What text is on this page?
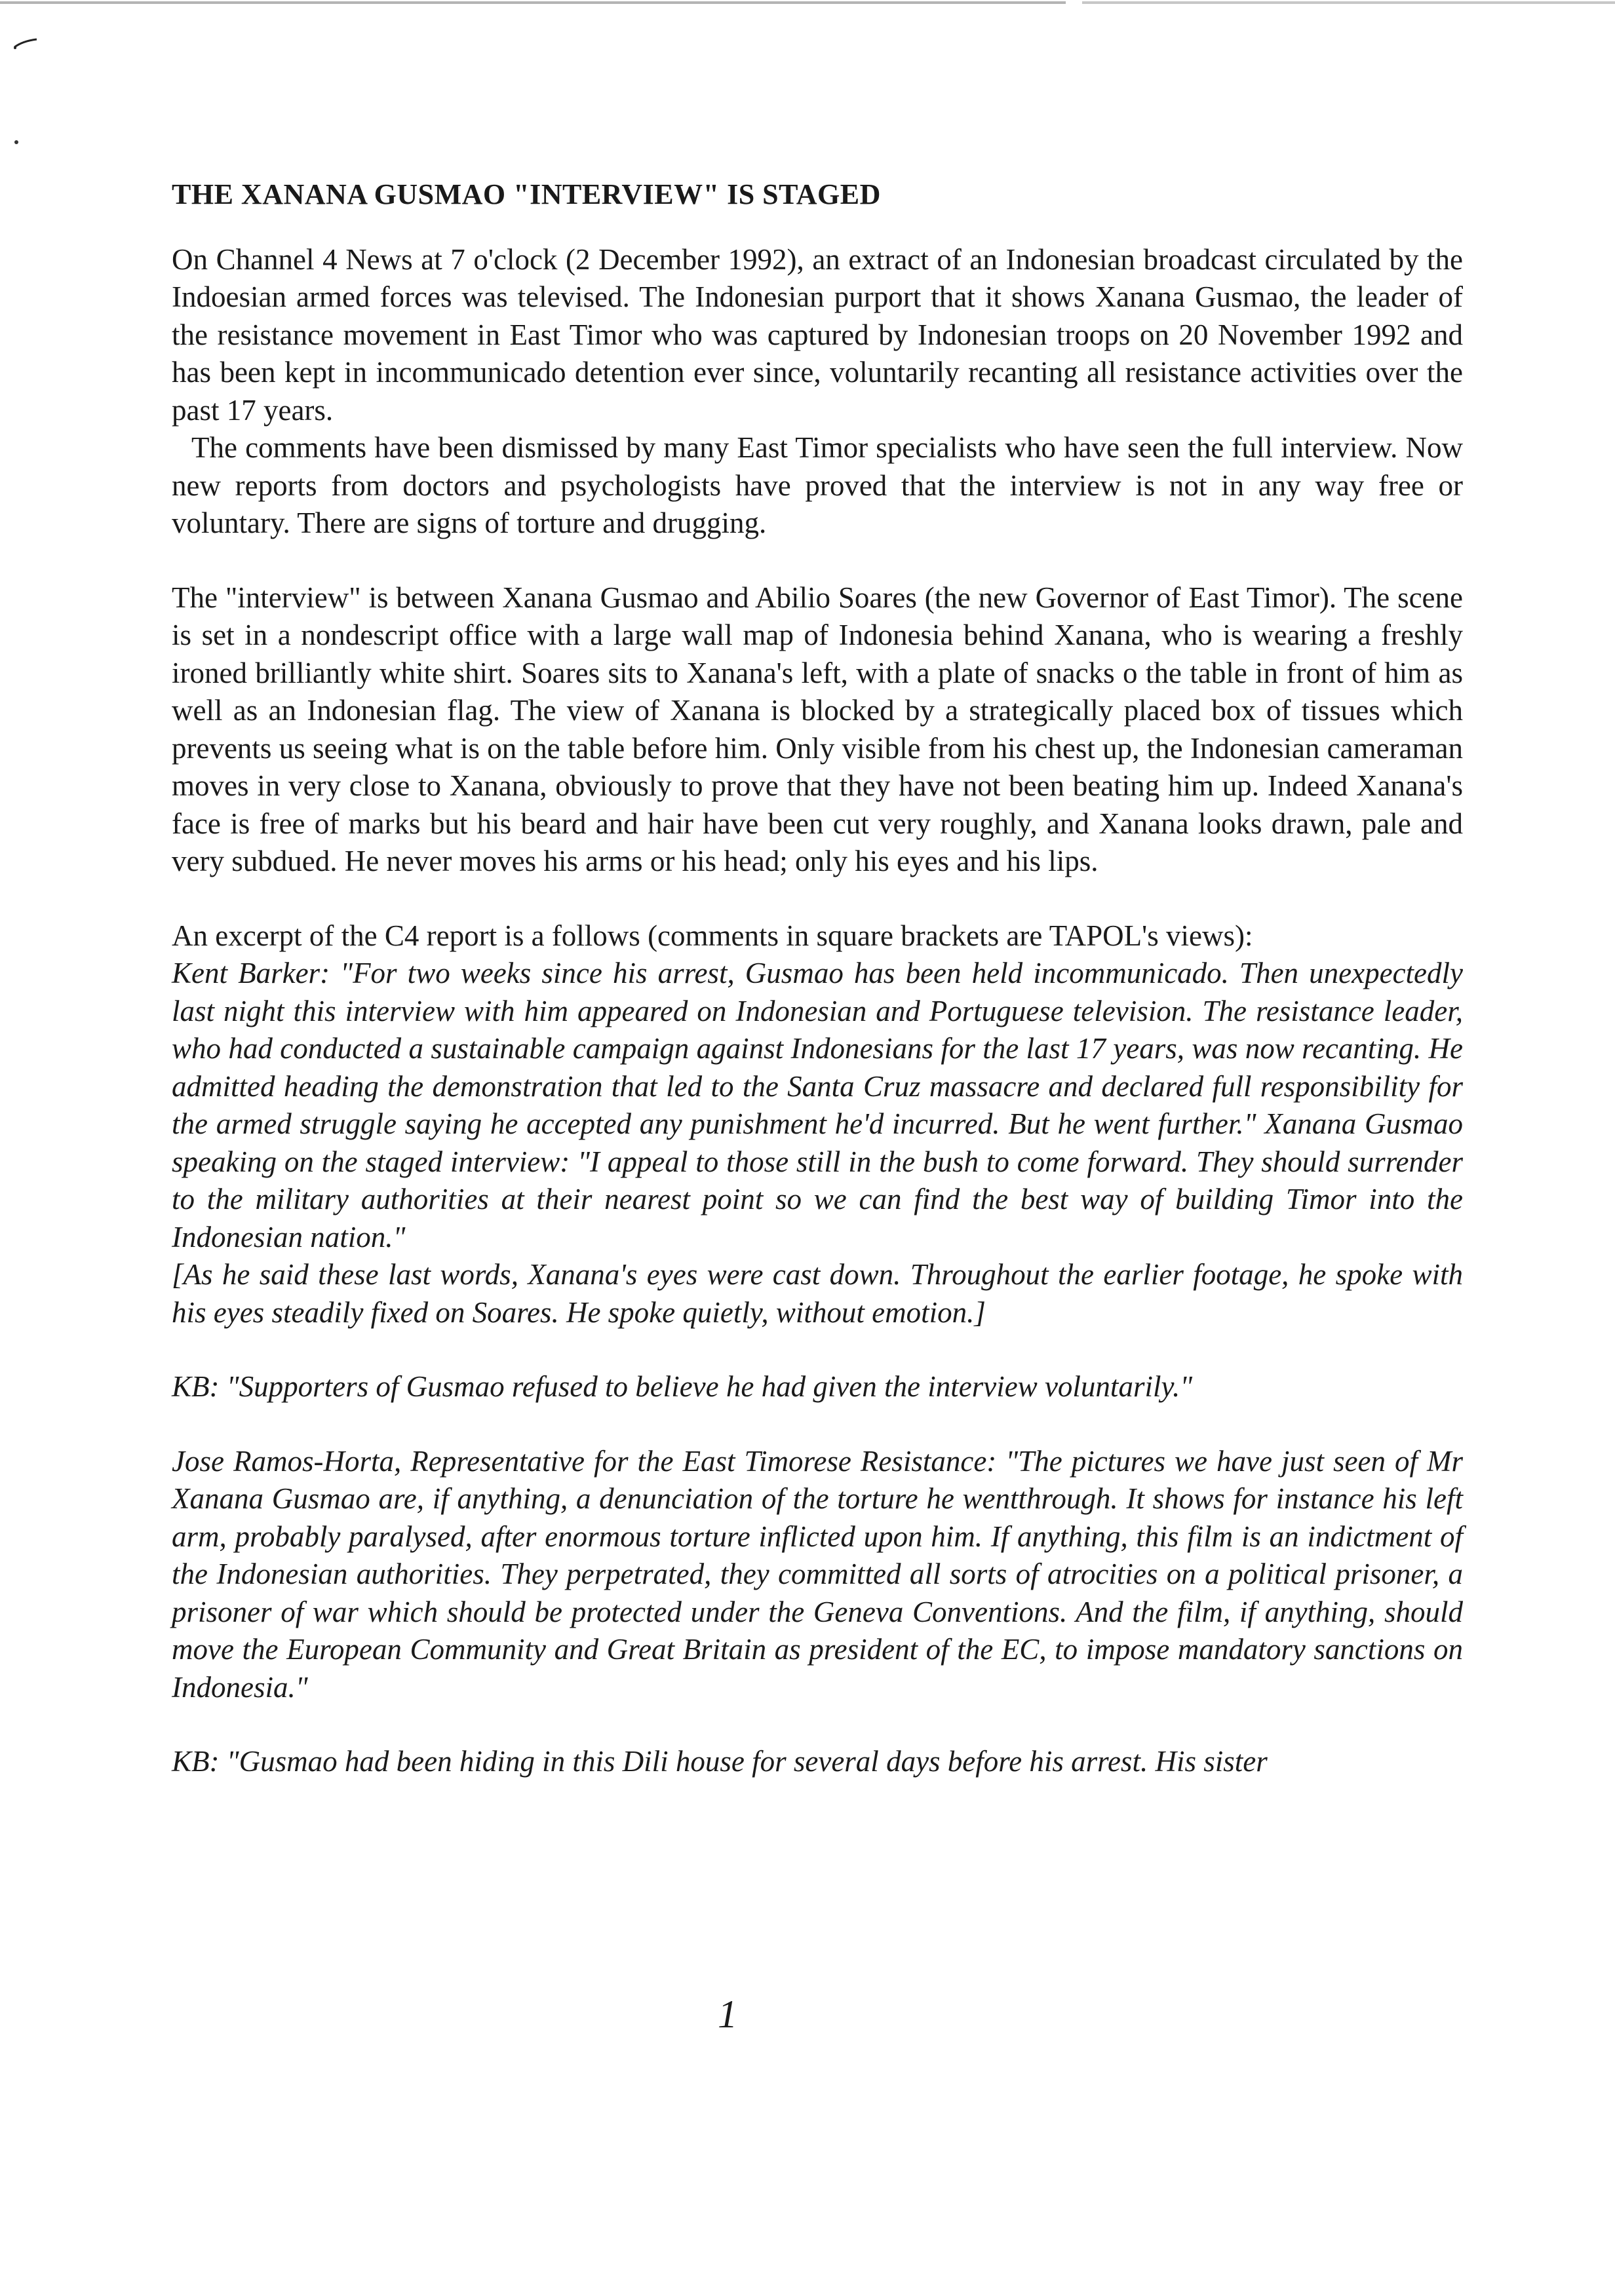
THE XANANA GUSMAO "INTERVIEW" IS STAGED

On Channel 4 News at 7 o'clock (2 December 1992), an extract of an Indonesian broadcast circulated by the Indoesian armed forces was televised. The Indonesian purport that it shows Xanana Gusmao, the leader of the resistance movement in East Timor who was captured by Indonesian troops on 20 November 1992 and has been kept in incommunicado detention ever since, voluntarily recanting all resistance activities over the past 17 years.

The comments have been dismissed by many East Timor specialists who have seen the full interview. Now new reports from doctors and psychologists have proved that the interview is not in any way free or voluntary. There are signs of torture and drugging.

The "interview" is between Xanana Gusmao and Abilio Soares (the new Governor of East Timor). The scene is set in a nondescript office with a large wall map of Indonesia behind Xanana, who is wearing a freshly ironed brilliantly white shirt. Soares sits to Xanana's left, with a plate of snacks o the table in front of him as well as an Indonesian flag. The view of Xanana is blocked by a strategically placed box of tissues which prevents us seeing what is on the table before him. Only visible from his chest up, the Indonesian cameraman moves in very close to Xanana, obviously to prove that they have not been beating him up. Indeed Xanana's face is free of marks but his beard and hair have been cut very roughly, and Xanana looks drawn, pale and very subdued. He never moves his arms or his head; only his eyes and his lips.

An excerpt of the C4 report is a follows (comments in square brackets are TAPOL's views):

Kent Barker: "For two weeks since his arrest, Gusmao has been held incommunicado. Then unexpectedly last night this interview with him appeared on Indonesian and Portuguese television. The resistance leader, who had conducted a sustainable campaign against Indonesians for the last 17 years, was now recanting. He admitted heading the demonstration that led to the Santa Cruz massacre and declared full responsibility for the armed struggle saying he accepted any punishment he'd incurred. But he went further." Xanana Gusmao speaking on the staged interview: "I appeal to those still in the bush to come forward. They should surrender to the military authorities at their nearest point so we can find the best way of building Timor into the Indonesian nation."

[As he said these last words, Xanana's eyes were cast down. Throughout the earlier footage, he spoke with his eyes steadily fixed on Soares. He spoke quietly, without emotion.]

KB: "Supporters of Gusmao refused to believe he had given the interview voluntarily."

Jose Ramos-Horta, Representative for the East Timorese Resistance: "The pictures we have just seen of Mr Xanana Gusmao are, if anything, a denunciation of the torture he wentthrough. It shows for instance his left arm, probably paralysed, after enormous torture inflicted upon him. If anything, this film is an indictment of the Indonesian authorities. They perpetrated, they committed all sorts of atrocities on a political prisoner, a prisoner of war which should be protected under the Geneva Conventions. And the film, if anything, should move the European Community and Great Britain as president of the EC, to impose mandatory sanctions on Indonesia."

KB: "Gusmao had been hiding in this Dili house for several days before his arrest. His sister

1
